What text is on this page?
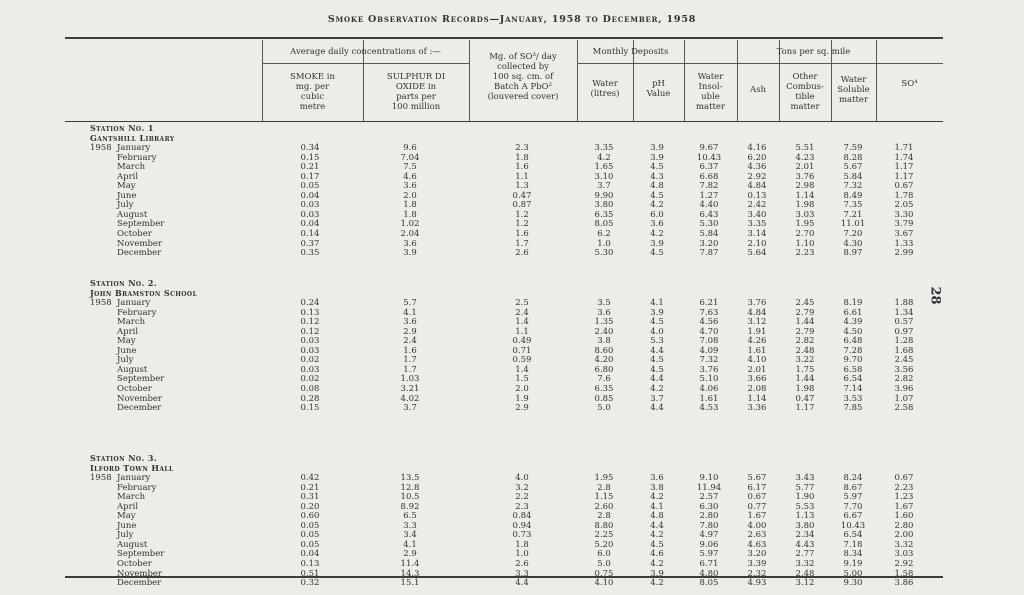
Smoke Observation Records—January, 1958 to December, 1958
28
Average daily concentrations of :—	Monthly Deposits	Tons per sq. mile
SMOKE in
mg. per
cubic
metre
SULPHUR DI
OXIDE in
parts per
100 million
Mg. of SO³/ day
collected by
100 sq. cm. of
Batch A PbO²
(louvered cover)
Water
(litres)
pH
Value
Water
Insol-
uble
matter
Ash
Other
Combus-
tible
matter
Water
Soluble
matter
SO⁴
Station No. 1
Gantshill Library
1958 January	0.34	9.6	2.3	3.35	3.9	9.67	4.16	5.51	7.59	1.71
February	0.15	7.04	1.8	4.2	3.9	10.43	6.20	4.23	8.28	1.74
March	0.21	7.5	1.6	1.65	4.5	6.37	4.36	2.01	5.67	1.17
April	0.17	4.6	1.1	3.10	4.3	6.68	2.92	3.76	5.84	1.17
May	0.05	3.6	1.3	3.7	4.8	7.82	4.84	2.98	7.32	0.67
June	0.04	2.0	0.47	9.90	4.5	1.27	0.13	1.14	8.49	1.78
July	0.03	1.8	0.87	3.80	4.2	4.40	2.42	1.98	7.35	2.05
August	0.03	1.8	1.2	6.35	6.0	6.43	3.40	3.03	7.21	3.30
September	0.04	1.02	1.2	8.05	3.6	5.30	3.35	1.95	11.01	3.79
October	0.14	2.04	1.6	6.2	4.2	5.84	3.14	2.70	7.20	3.67
November	0.37	3.6	1.7	1.0	3.9	3.20	2.10	1.10	4.30	1.33
December	0.35	3.9	2.6	5.30	4.5	7.87	5.64	2.23	8.97	2.99
Station No. 2.
John Bramston School
1958 January	0.24	5.7	2.5	3.5	4.1	6.21	3.76	2.45	8.19	1.88
February	0.13	4.1	2.4	3.6	3.9	7.63	4.84	2.79	6.61	1.34
March	0.12	3.6	1.4	1.35	4.5	4.56	3.12	1.44	4.39	0.57
April	0.12	2.9	1.1	2.40	4.0	4.70	1.91	2.79	4.50	0.97
May	0.03	2.4	0.49	3.8	5.3	7.08	4.26	2.82	6.48	1.28
June	0.03	1.6	0.71	8.60	4.4	4.09	1.61	2.48	7.28	1.68
July	0.02	1.7	0.59	4.20	4.5	7.32	4.10	3.22	9.70	2.45
August	0.03	1.7	1.4	6.80	4.5	3.76	2.01	1.75	6.58	3.56
September	0.02	1.03	1.5	7.6	4.4	5.10	3.66	1.44	6.54	2.82
October	0.08	3.21	2.0	6.35	4.2	4.06	2.08	1.98	7.14	3.96
November	0.28	4.02	1.9	0.85	3.7	1.61	1.14	0.47	3.53	1.07
December	0.15	3.7	2.9	5.0	4.4	4.53	3.36	1.17	7.85	2.58
Station No. 3.
Ilford Town Hall
1958 January	0.42	13.5	4.0	1.95	3.6	9.10	5.67	3.43	8.24	0.67
February	0.21	12.8	3.2	2.8	3.8	11.94	6.17	5.77	8.67	2.23
March	0.31	10.5	2.2	1.15	4.2	2.57	0.67	1.90	5.97	1.23
April	0.20	8.92	2.3	2.60	4.1	6.30	0.77	5.53	7.70	1.67
May	0.60	6.5	0.84	2.8	4.8	2.80	1.67	1.13	6.67	1.60
June	0.05	3.3	0.94	8.80	4.4	7.80	4.00	3.80	10.43	2.80
July	0.05	3.4	0.73	2.25	4.2	4.97	2.63	2.34	6.54	2.00
August	0.05	4.1	1.8	5.20	4.5	9.06	4.63	4.43	7.18	3.32
September	0.04	2.9	1.0	6.0	4.6	5.97	3.20	2.77	8.34	3.03
October	0.13	11.4	2.6	5.0	4.2	6.71	3.39	3.32	9.19	2.92
November	0.51	14.3	3.3	0.75	3.9	4.80	2.32	2.48	5.00	1.58
December	0.32	15.1	4.4	4.10	4.2	8.05	4.93	3.12	9.30	3.86
